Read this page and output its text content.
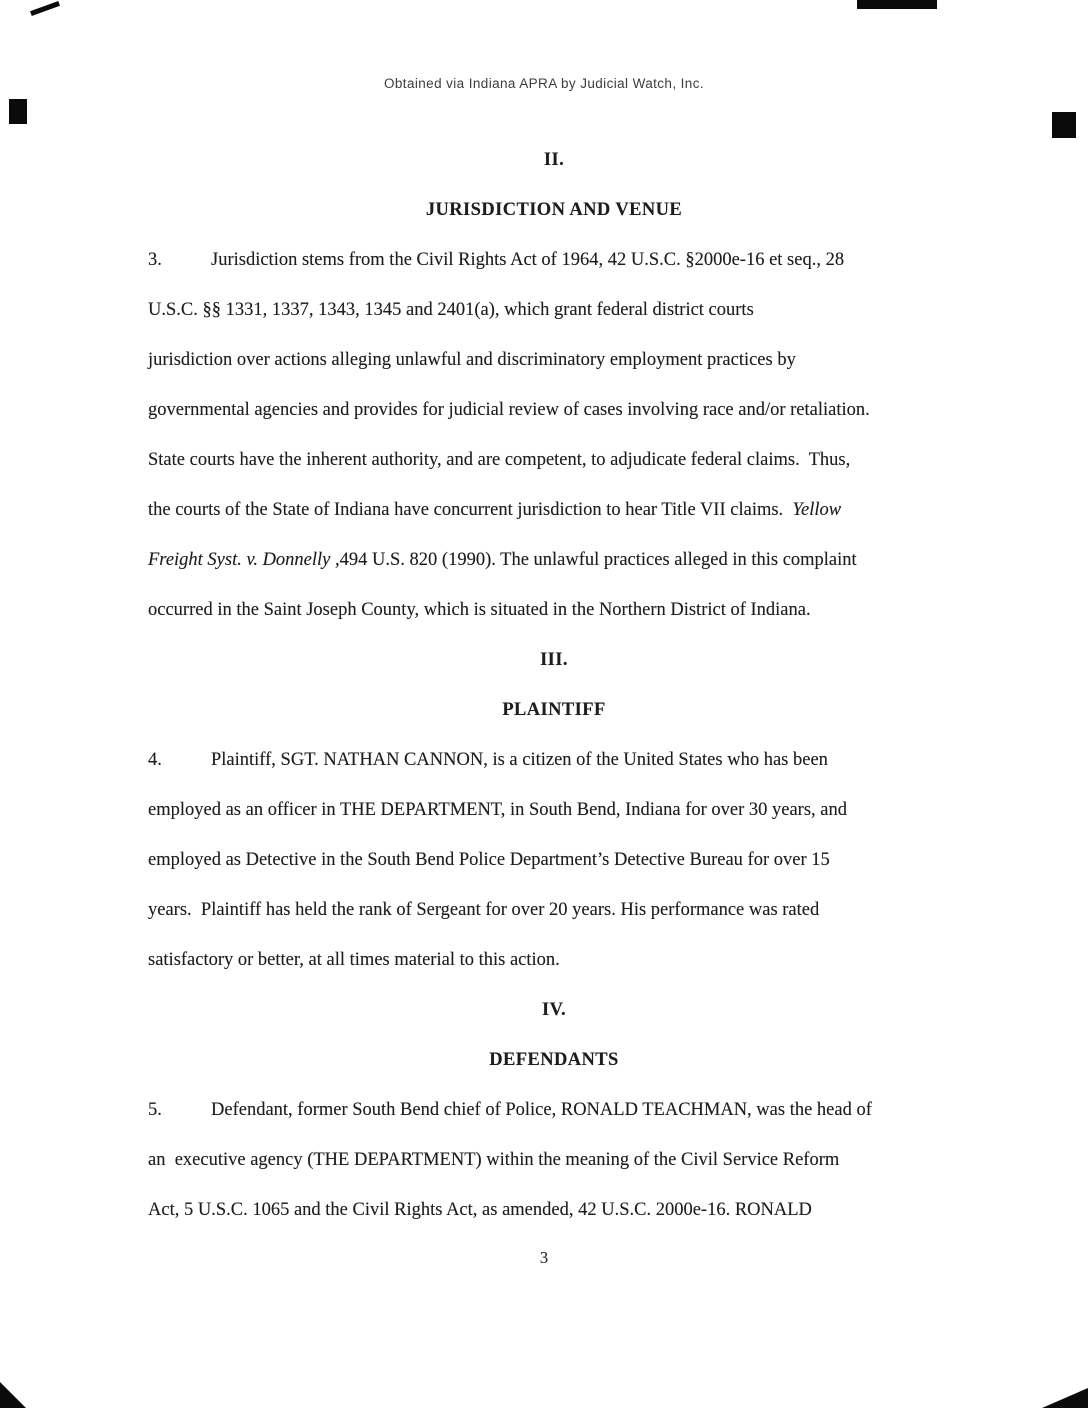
Obtained via Indiana APRA by Judicial Watch, Inc.
II.
JURISDICTION AND VENUE
3.	Jurisdiction stems from the Civil Rights Act of 1964, 42 U.S.C. §2000e-16 et seq., 28
U.S.C. §§ 1331, 1337, 1343, 1345 and 2401(a), which grant federal district courts
jurisdiction over actions alleging unlawful and discriminatory employment practices by
governmental agencies and provides for judicial review of cases involving race and/or retaliation.
State courts have the inherent authority, and are competent, to adjudicate federal claims.  Thus,
the courts of the State of Indiana have concurrent jurisdiction to hear Title VII claims.  Yellow
Freight Syst. v. Donnelly ,494 U.S. 820 (1990). The unlawful practices alleged in this complaint
occurred in the Saint Joseph County, which is situated in the Northern District of Indiana.
III.
PLAINTIFF
4.	Plaintiff, SGT. NATHAN CANNON, is a citizen of the United States who has been
employed as an officer in THE DEPARTMENT, in South Bend, Indiana for over 30 years, and
employed as Detective in the South Bend Police Department’s Detective Bureau for over 15
years.  Plaintiff has held the rank of Sergeant for over 20 years. His performance was rated
satisfactory or better, at all times material to this action.
IV.
DEFENDANTS
5.	Defendant, former South Bend chief of Police, RONALD TEACHMAN, was the head of
an  executive agency (THE DEPARTMENT) within the meaning of the Civil Service Reform
Act, 5 U.S.C. 1065 and the Civil Rights Act, as amended, 42 U.S.C. 2000e-16. RONALD
3
